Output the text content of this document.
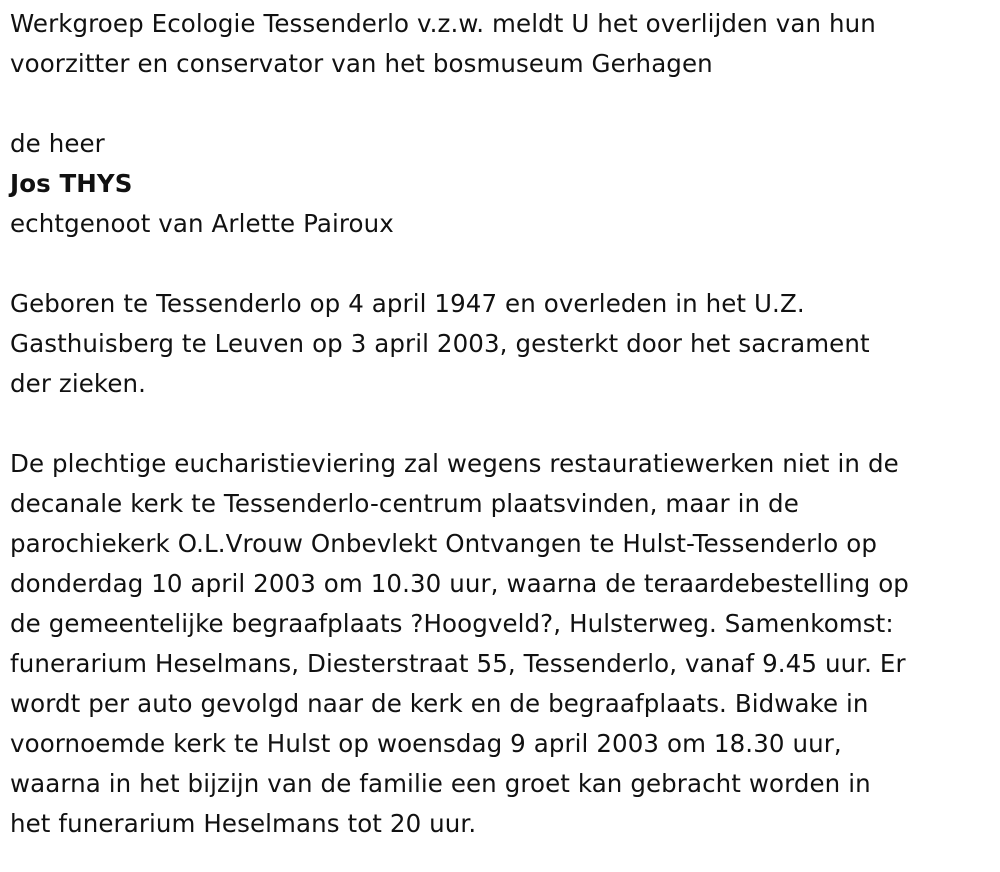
Werkgroep Ecologie Tessenderlo v.z.w. meldt U het overlijden van hun

voorzitter en conservator van het bosmuseum Gerhagen

de heer

Jos THYS

echtgenoot van Arlette Pairoux

Geboren te Tessenderlo op 4 april 1947 en overleden in het U.Z.

Gasthuisberg te Leuven op 3 april 2003, gesterkt door het sacrament

der zieken.

De plechtige eucharistieviering zal wegens restauratiewerken niet in de

decanale kerk te Tessenderlo-centrum plaatsvinden, maar in de

parochiekerk O.L.Vrouw Onbevlekt Ontvangen te Hulst-Tessenderlo op

donderdag 10 april 2003 om 10.30 uur, waarna de teraardebestelling op

de gemeentelijke begraafplaats ?Hoogveld?, Hulsterweg. Samenkomst:

funerarium Heselmans, Diesterstraat 55, Tessenderlo, vanaf 9.45 uur. Er

wordt per auto gevolgd naar de kerk en de begraafplaats. Bidwake in

voornoemde kerk te Hulst op woensdag 9 april 2003 om 18.30 uur,

waarna in het bijzijn van de familie een groet kan gebracht worden in

het funerarium Heselmans tot 20 uur.
